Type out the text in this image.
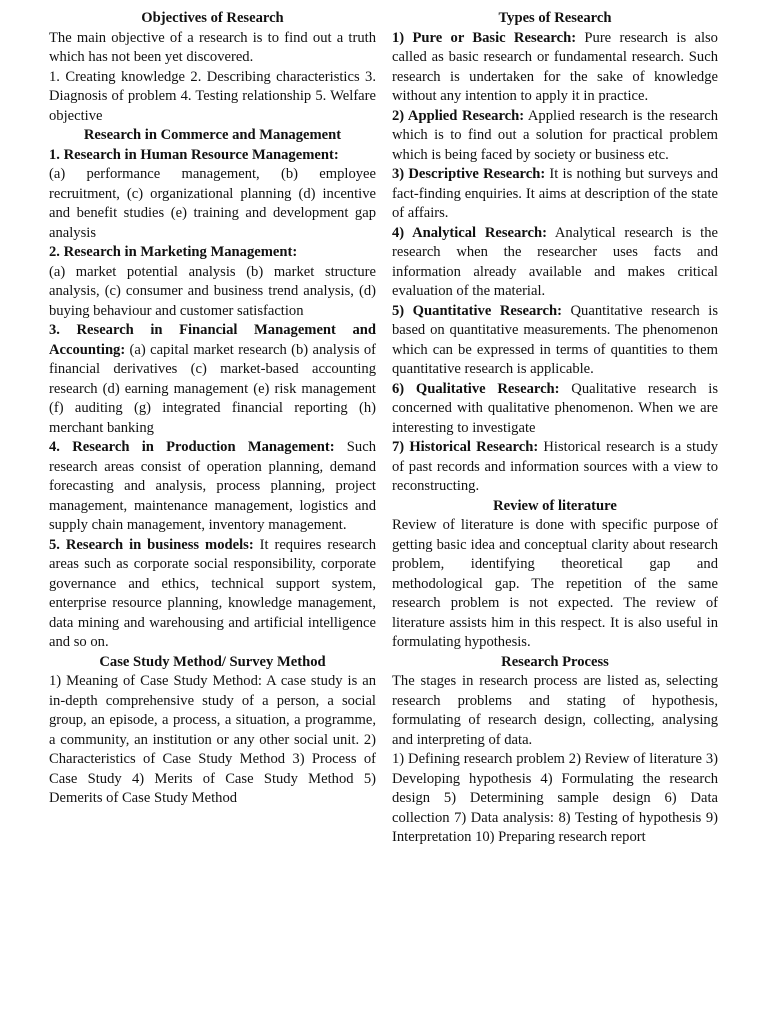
Objectives of Research

The main objective of a research is to find out a truth which has not been yet discovered.

1. Creating knowledge 2. Describing characteristics 3. Diagnosis of problem 4. Testing relationship 5. Welfare objective

Research in Commerce and Management

1. Research in Human Resource Management:

(a) performance management, (b) employee recruitment, (c) organizational planning (d) incentive and benefit studies (e) training and development gap analysis

2. Research in Marketing Management:

(a) market potential analysis (b) market structure analysis, (c) consumer and business trend analysis, (d) buying behaviour and customer satisfaction

3. Research in Financial Management and Accounting: (a) capital market research (b) analysis of financial derivatives (c) market-based accounting research (d) earning management (e) risk management (f) auditing (g) integrated financial reporting (h) merchant banking

4. Research in Production Management: Such research areas consist of operation planning, demand forecasting and analysis, process planning, project management, maintenance management, logistics and supply chain management, inventory management.

5. Research in business models: It requires research areas such as corporate social responsibility, corporate governance and ethics, technical support system, enterprise resource planning, knowledge management, data mining and warehousing and artificial intelligence and so on.

Case Study Method/ Survey Method

1) Meaning of Case Study Method: A case study is an in-depth comprehensive study of a person, a social group, an episode, a process, a situation, a programme, a community, an institution or any other social unit. 2) Characteristics of Case Study Method 3) Process of Case Study 4) Merits of Case Study Method 5) Demerits of Case Study Method

Types of Research

1) Pure or Basic Research: Pure research is also called as basic research or fundamental research. Such research is undertaken for the sake of knowledge without any intention to apply it in practice.

2) Applied Research: Applied research is the research which is to find out a solution for practical problem which is being faced by society or business etc.

3) Descriptive Research: It is nothing but surveys and fact-finding enquiries. It aims at description of the state of affairs.

4) Analytical Research: Analytical research is the research when the researcher uses facts and information already available and makes critical evaluation of the material.

5) Quantitative Research: Quantitative research is based on quantitative measurements. The phenomenon which can be expressed in terms of quantities to them quantitative research is applicable.

6) Qualitative Research: Qualitative research is concerned with qualitative phenomenon. When we are interesting to investigate

7) Historical Research: Historical research is a study of past records and information sources with a view to reconstructing.

Review of literature

Review of literature is done with specific purpose of getting basic idea and conceptual clarity about research problem, identifying theoretical gap and methodological gap. The repetition of the same research problem is not expected. The review of literature assists him in this respect. It is also useful in formulating hypothesis.

Research Process

The stages in research process are listed as, selecting research problems and stating of hypothesis, formulating of research design, collecting, analysing and interpreting of data.

1) Defining research problem 2) Review of literature 3) Developing hypothesis 4) Formulating the research design 5) Determining sample design 6) Data collection 7) Data analysis: 8) Testing of hypothesis 9) Interpretation 10) Preparing research report
